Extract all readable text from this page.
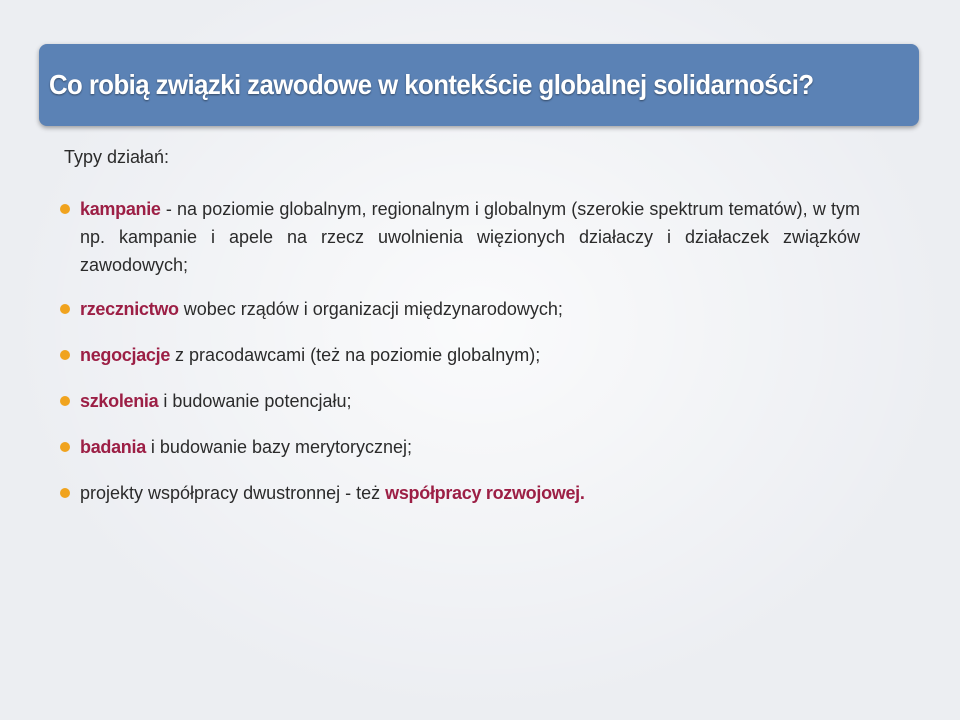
Co robią związki zawodowe w kontekście globalnej solidarności?
Typy działań:
kampanie - na poziomie globalnym, regionalnym i globalnym (szerokie spektrum tematów), w tym np. kampanie i apele na rzecz uwolnienia więzionych działaczy i działaczek związków zawodowych;
rzecznictwo wobec rządów i organizacji międzynarodowych;
negocjacje z pracodawcami (też na poziomie globalnym);
szkolenia i budowanie potencjału;
badania i budowanie bazy merytorycznej;
projekty współpracy dwustronnej - też współpracy rozwojowej.
